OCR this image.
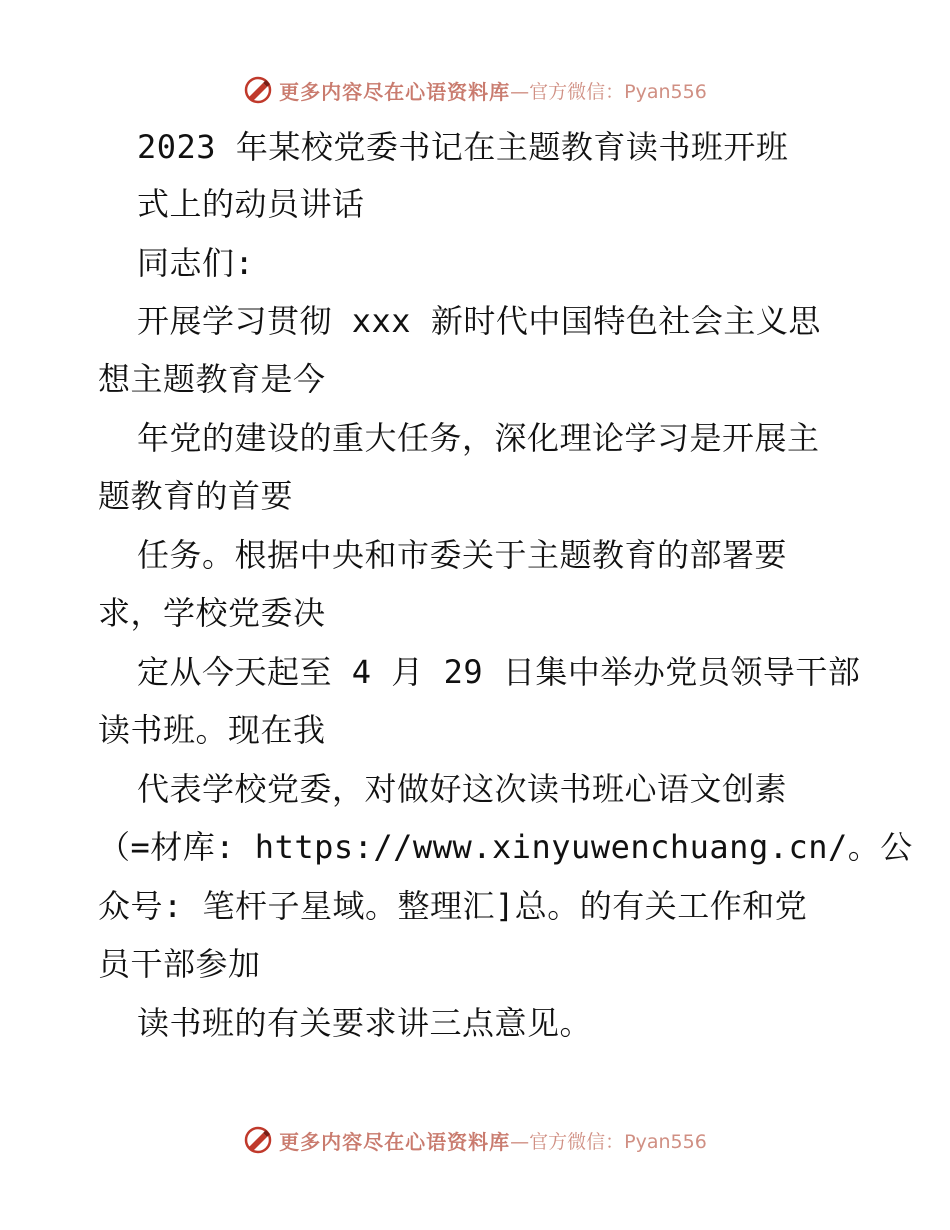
更多内容尽在心语资料库 —官方微信：Pyan556
2023 年某校党委书记在主题教育读书班开班
式上的动员讲话
同志们:
开展学习贯彻 xxx 新时代中国特色社会主义思
想主题教育是今
年党的建设的重大任务，深化理论学习是开展主
题教育的首要
任务。根据中央和市委关于主题教育的部署要
求，学校党委决
定从今天起至 4 月 29 日集中举办党员领导干部
读书班。现在我
代表学校党委，对做好这次读书班心语文创素
（=材库: https://www.xinyuwenchuang.cn/。公
众号: 笔杆子星域。整理汇]总。的有关工作和党
员干部参加
读书班的有关要求讲三点意见。
更多内容尽在心语资料库 —官方微信：Pyan556
